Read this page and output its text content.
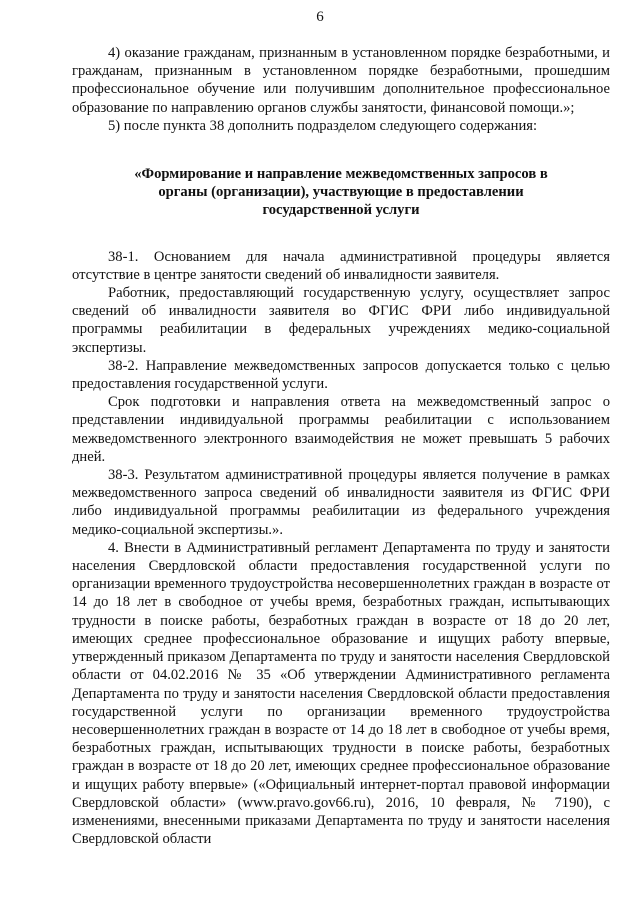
6

4) оказание гражданам, признанным в установленном порядке безработными, и гражданам, признанным в установленном порядке безработными, прошедшим профессиональное обучение или получившим дополнительное профессиональное образование по направлению органов службы занятости, финансовой помощи.»;

5) после пункта 38 дополнить подразделом следующего содержания:

«Формирование и направление межведомственных запросов в органы (организации), участвующие в предоставлении государственной услуги

38-1. Основанием для начала административной процедуры является отсутствие в центре занятости сведений об инвалидности заявителя.

Работник, предоставляющий государственную услугу, осуществляет запрос сведений об инвалидности заявителя во ФГИС ФРИ либо индивидуальной программы реабилитации в федеральных учреждениях медико-социальной экспертизы.

38-2. Направление межведомственных запросов допускается только с целью предоставления государственной услуги.

Срок подготовки и направления ответа на межведомственный запрос о представлении индивидуальной программы реабилитации с использованием межведомственного электронного взаимодействия не может превышать 5 рабочих дней.

38-3. Результатом административной процедуры является получение в рамках межведомственного запроса сведений об инвалидности заявителя из ФГИС ФРИ либо индивидуальной программы реабилитации из федерального учреждения медико-социальной экспертизы.».

4. Внести в Административный регламент Департамента по труду и занятости населения Свердловской области предоставления государственной услуги по организации временного трудоустройства несовершеннолетних граждан в возрасте от 14 до 18 лет в свободное от учебы время, безработных граждан, испытывающих трудности в поиске работы, безработных граждан в возрасте от 18 до 20 лет, имеющих среднее профессиональное образование и ищущих работу впервые, утвержденный приказом Департамента по труду и занятости населения Свердловской области от 04.02.2016 № 35 «Об утверждении Административного регламента Департамента по труду и занятости населения Свердловской области предоставления государственной услуги по организации временного трудоустройства несовершеннолетних граждан в возрасте от 14 до 18 лет в свободное от учебы время, безработных граждан, испытывающих трудности в поиске работы, безработных граждан в возрасте от 18 до 20 лет, имеющих среднее профессиональное образование и ищущих работу впервые» («Официальный интернет-портал правовой информации Свердловской области» (www.pravo.gov66.ru), 2016, 10 февраля, № 7190), с изменениями, внесенными приказами Департамента по труду и занятости населения Свердловской области
